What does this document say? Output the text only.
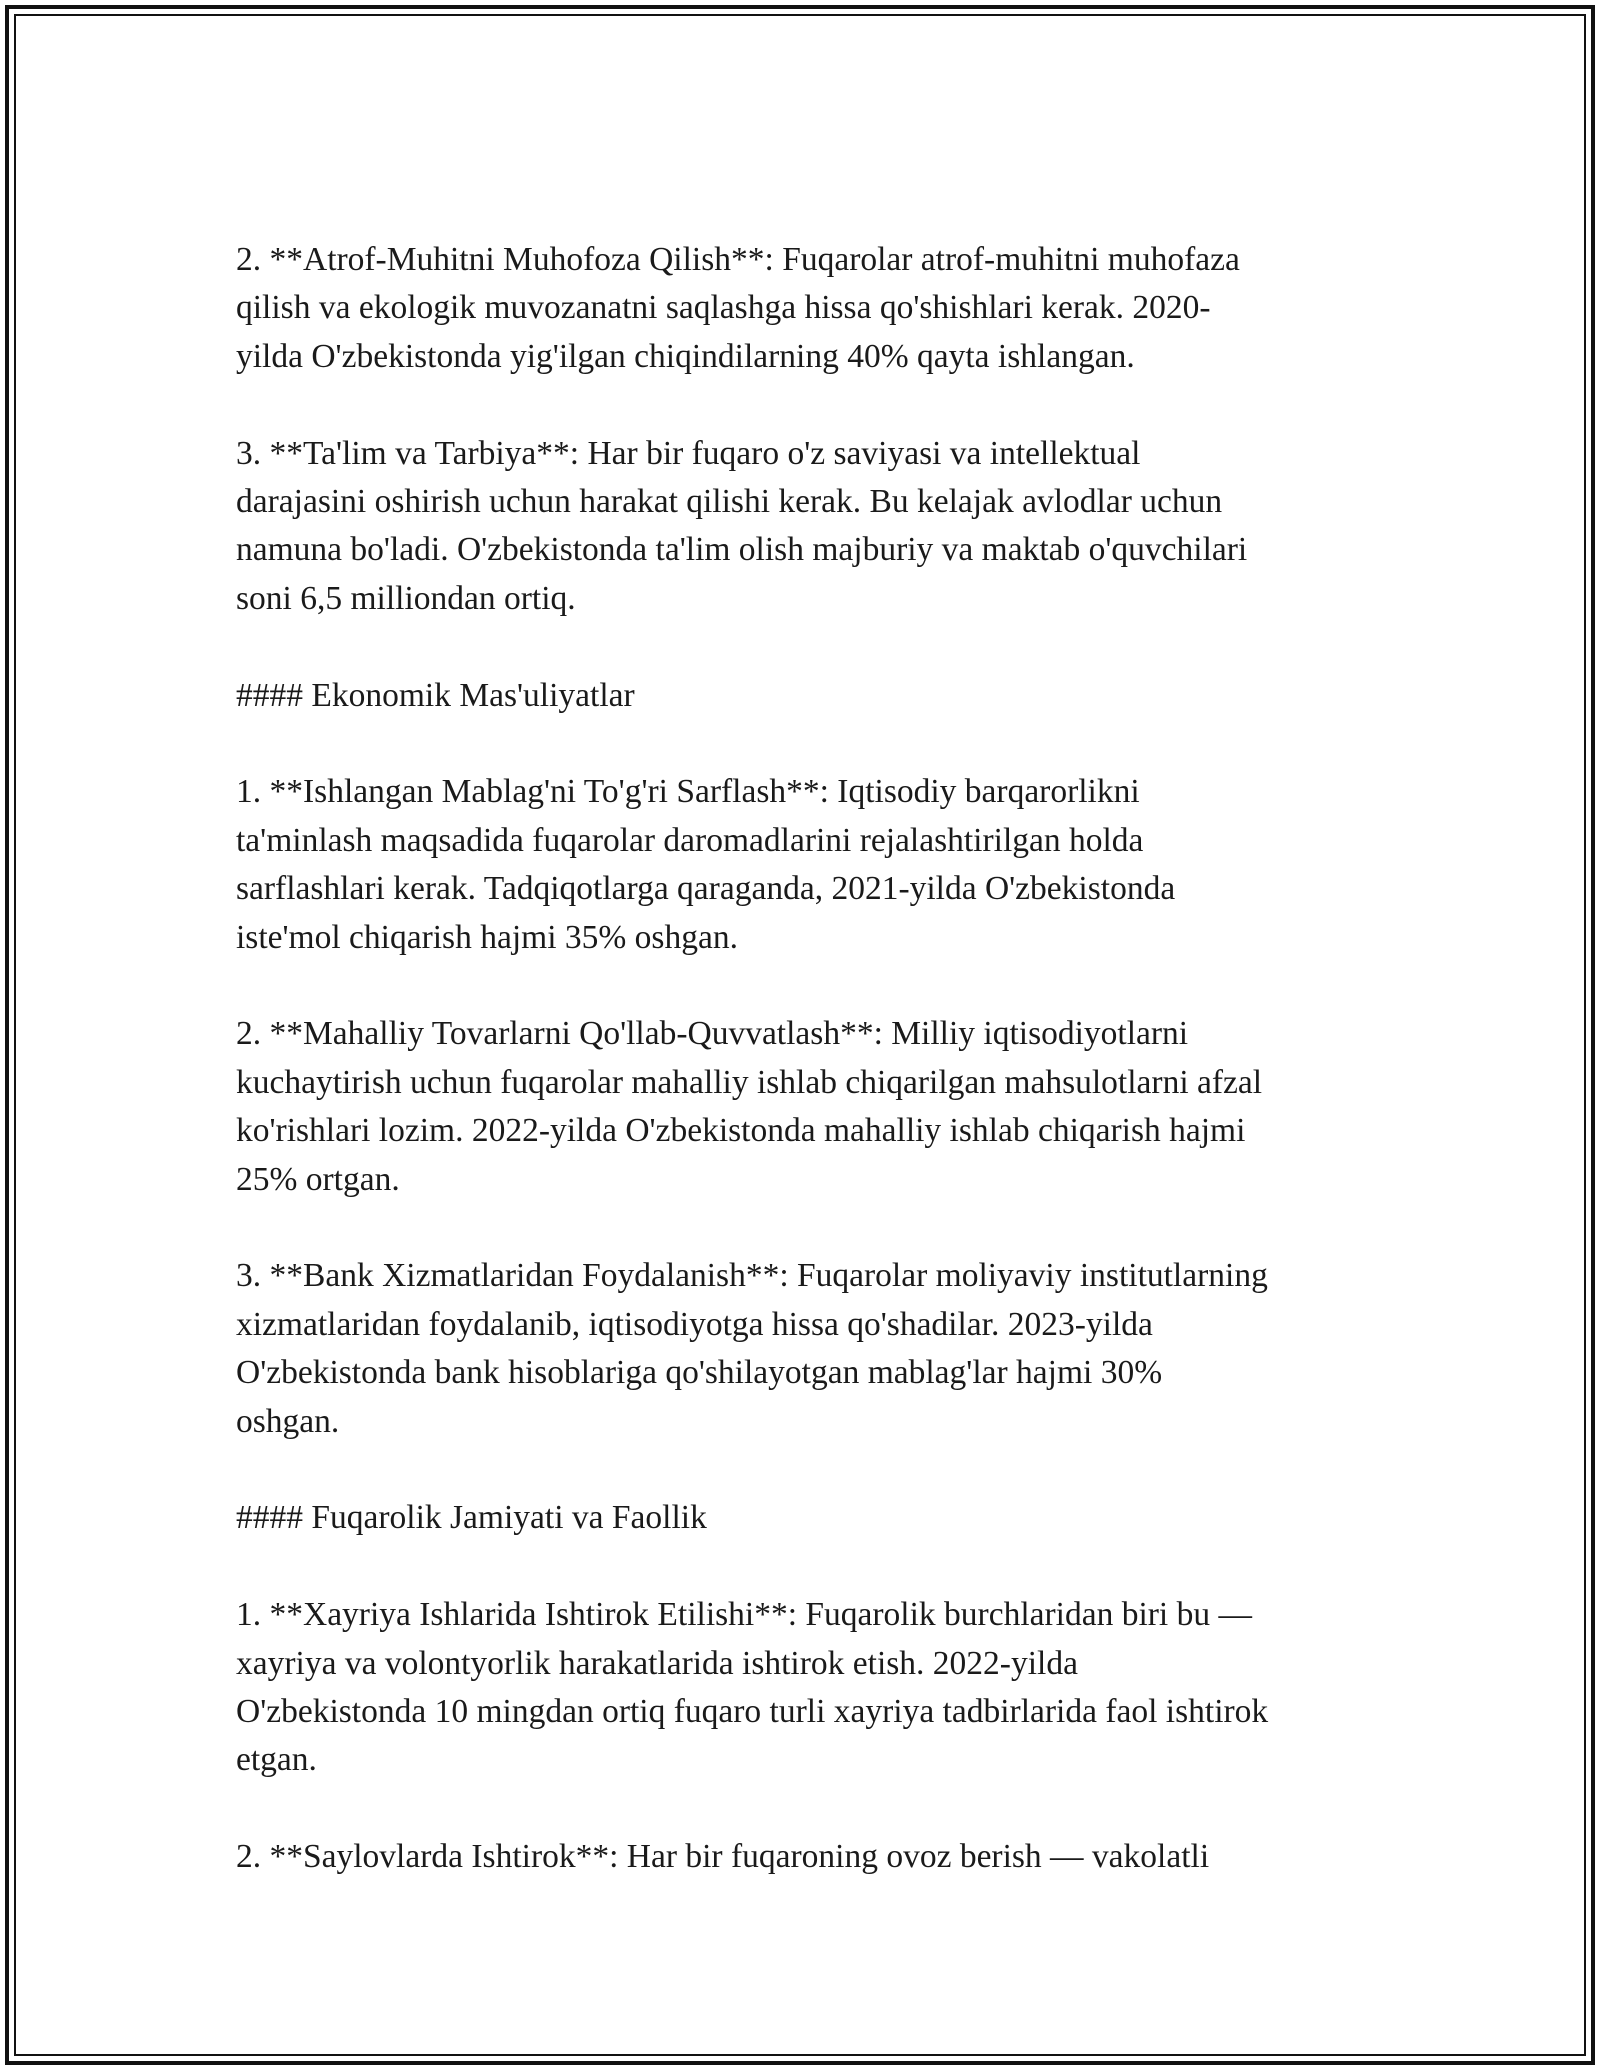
2. **Atrof-Muhitni Muhofoza Qilish**: Fuqarolar atrof-muhitni muhofaza
qilish va ekologik muvozanatni saqlashga hissa qo'shishlari kerak. 2020-
yilda O'zbekistonda yig'ilgan chiqindilarning 40% qayta ishlangan.

3. **Ta'lim va Tarbiya**: Har bir fuqaro o'z saviyasi va intellektual
darajasini oshirish uchun harakat qilishi kerak. Bu kelajak avlodlar uchun
namuna bo'ladi. O'zbekistonda ta'lim olish majburiy va maktab o'quvchilari
soni 6,5 milliondan ortiq.

#### Ekonomik Mas'uliyatlar

1. **Ishlangan Mablag'ni To'g'ri Sarflash**: Iqtisodiy barqarorlikni
ta'minlash maqsadida fuqarolar daromadlarini rejalashtirilgan holda
sarflashlari kerak. Tadqiqotlarga qaraganda, 2021-yilda O'zbekistonda
iste'mol chiqarish hajmi 35% oshgan.

2. **Mahalliy Tovarlarni Qo'llab-Quvvatlash**: Milliy iqtisodiyotlarni
kuchaytirish uchun fuqarolar mahalliy ishlab chiqarilgan mahsulotlarni afzal
ko'rishlari lozim. 2022-yilda O'zbekistonda mahalliy ishlab chiqarish hajmi
25% ortgan.

3. **Bank Xizmatlaridan Foydalanish**: Fuqarolar moliyaviy institutlarning
xizmatlaridan foydalanib, iqtisodiyotga hissa qo'shadilar. 2023-yilda
O'zbekistonda bank hisoblariga qo'shilayotgan mablag'lar hajmi 30%
oshgan.

#### Fuqarolik Jamiyati va Faollik

1. **Xayriya Ishlarida Ishtirok Etilishi**: Fuqarolik burchlaridan biri bu —
xayriya va volontyorlik harakatlarida ishtirok etish. 2022-yilda
O'zbekistonda 10 mingdan ortiq fuqaro turli xayriya tadbirlarida faol ishtirok
etgan.

2. **Saylovlarda Ishtirok**: Har bir fuqaroning ovoz berish — vakolatli
